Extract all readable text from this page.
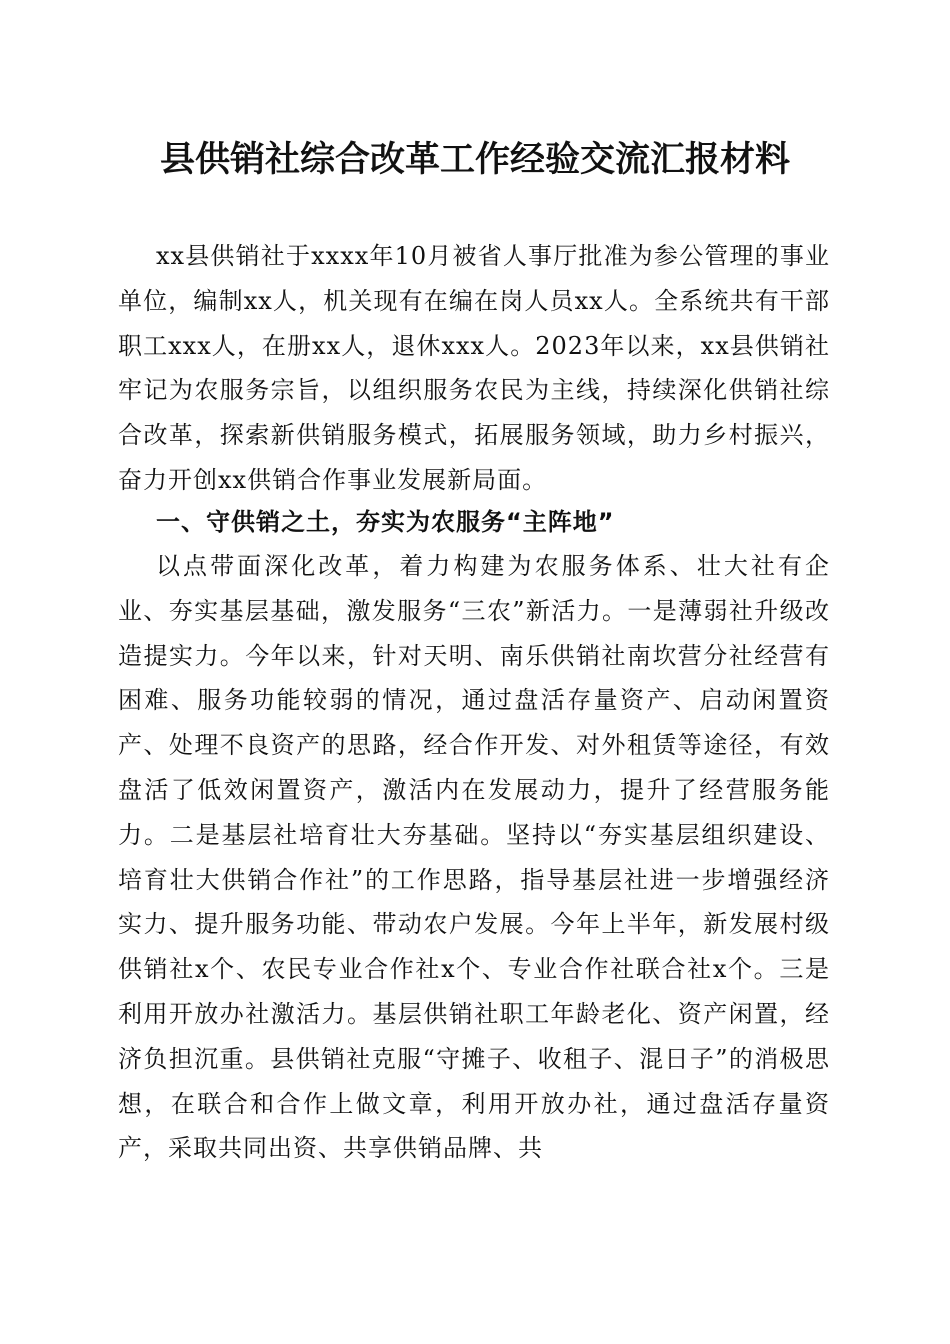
县供销社综合改革工作经验交流汇报材料

xx县供销社于xxxx年10月被省人事厅批准为参公管理的事业单位，编制xx人，机关现有在编在岗人员xx人。全系统共有干部职工xxx人，在册xx人，退休xxx人。2023年以来，xx县供销社牢记为农服务宗旨，以组织服务农民为主线，持续深化供销社综合改革，探索新供销服务模式，拓展服务领域，助力乡村振兴，奋力开创xx供销合作事业发展新局面。

一、守供销之土，夯实为农服务“主阵地”

以点带面深化改革，着力构建为农服务体系、壮大社有企业、夯实基层基础，激发服务“三农”新活力。一是薄弱社升级改造提实力。今年以来，针对天明、南乐供销社南坎营分社经营有困难、服务功能较弱的情况，通过盘活存量资产、启动闲置资产、处理不良资产的思路，经合作开发、对外租赁等途径，有效盘活了低效闲置资产，激活内在发展动力，提升了经营服务能力。二是基层社培育壮大夯基础。坚持以“夯实基层组织建设、培育壮大供销合作社”的工作思路，指导基层社进一步增强经济实力、提升服务功能、带动农户发展。今年上半年，新发展村级供销社x个、农民专业合作社x个、专业合作社联合社x个。三是利用开放办社激活力。基层供销社职工年龄老化、资产闲置，经济负担沉重。县供销社克服“守摊子、收租子、混日子”的消极思想，在联合和合作上做文章，利用开放办社，通过盘活存量资产，采取共同出资、共享供销品牌、共
